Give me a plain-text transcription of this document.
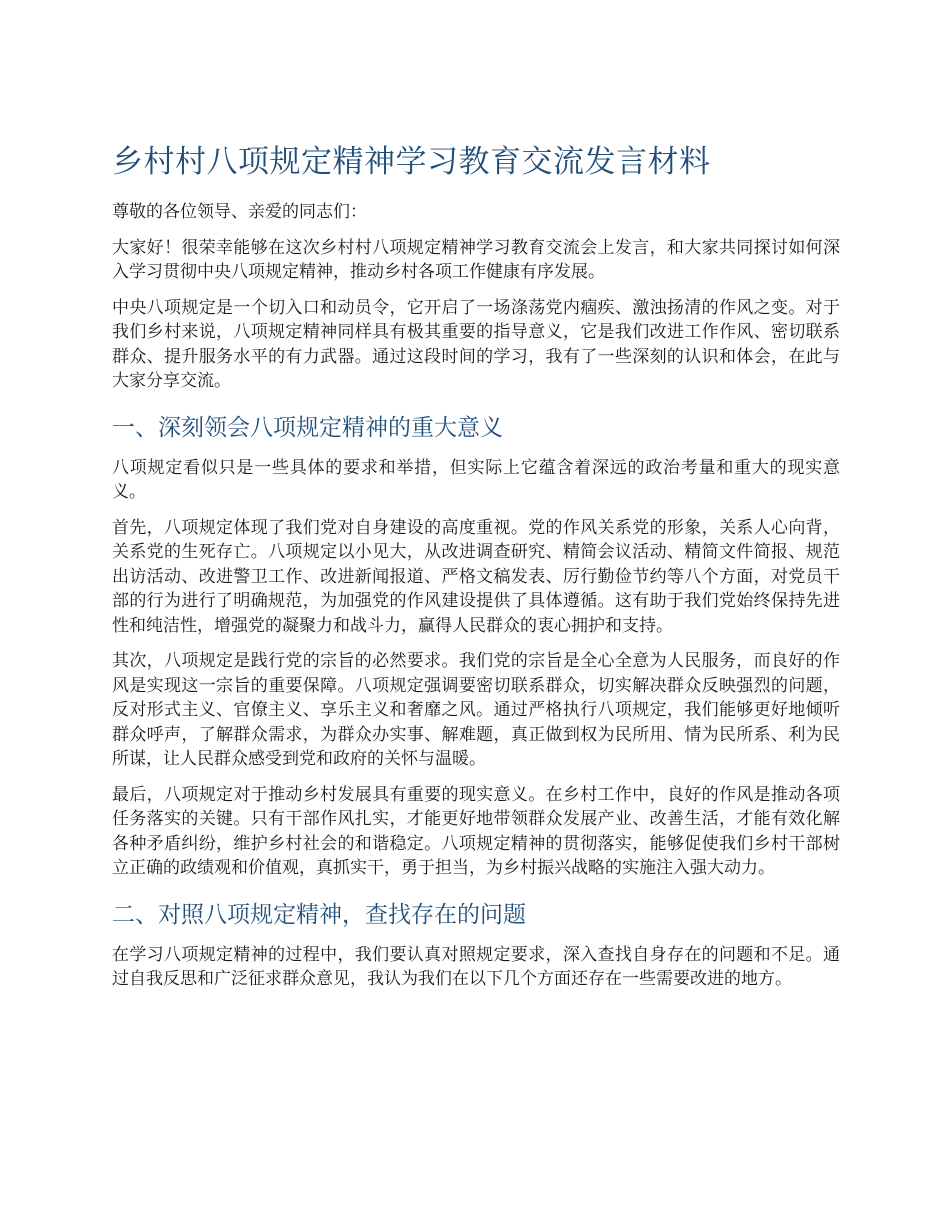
乡村村八项规定精神学习教育交流发言材料

尊敬的各位领导、亲爱的同志们：

大家好！很荣幸能够在这次乡村村八项规定精神学习教育交流会上发言，和大家共同探讨如何深入学习贯彻中央八项规定精神，推动乡村各项工作健康有序发展。

中央八项规定是一个切入口和动员令，它开启了一场涤荡党内痼疾、激浊扬清的作风之变。对于我们乡村来说，八项规定精神同样具有极其重要的指导意义，它是我们改进工作作风、密切联系群众、提升服务水平的有力武器。通过这段时间的学习，我有了一些深刻的认识和体会，在此与大家分享交流。

一、深刻领会八项规定精神的重大意义

八项规定看似只是一些具体的要求和举措，但实际上它蕴含着深远的政治考量和重大的现实意义。

首先，八项规定体现了我们党对自身建设的高度重视。党的作风关系党的形象，关系人心向背，关系党的生死存亡。八项规定以小见大，从改进调查研究、精简会议活动、精简文件简报、规范出访活动、改进警卫工作、改进新闻报道、严格文稿发表、厉行勤俭节约等八个方面，对党员干部的行为进行了明确规范，为加强党的作风建设提供了具体遵循。这有助于我们党始终保持先进性和纯洁性，增强党的凝聚力和战斗力，赢得人民群众的衷心拥护和支持。

其次，八项规定是践行党的宗旨的必然要求。我们党的宗旨是全心全意为人民服务，而良好的作风是实现这一宗旨的重要保障。八项规定强调要密切联系群众，切实解决群众反映强烈的问题，反对形式主义、官僚主义、享乐主义和奢靡之风。通过严格执行八项规定，我们能够更好地倾听群众呼声，了解群众需求，为群众办实事、解难题，真正做到权为民所用、情为民所系、利为民所谋，让人民群众感受到党和政府的关怀与温暖。

最后，八项规定对于推动乡村发展具有重要的现实意义。在乡村工作中，良好的作风是推动各项任务落实的关键。只有干部作风扎实，才能更好地带领群众发展产业、改善生活，才能有效化解各种矛盾纠纷，维护乡村社会的和谐稳定。八项规定精神的贯彻落实，能够促使我们乡村干部树立正确的政绩观和价值观，真抓实干，勇于担当，为乡村振兴战略的实施注入强大动力。

二、对照八项规定精神，查找存在的问题

在学习八项规定精神的过程中，我们要认真对照规定要求，深入查找自身存在的问题和不足。通过自我反思和广泛征求群众意见，我认为我们在以下几个方面还存在一些需要改进的地方。
